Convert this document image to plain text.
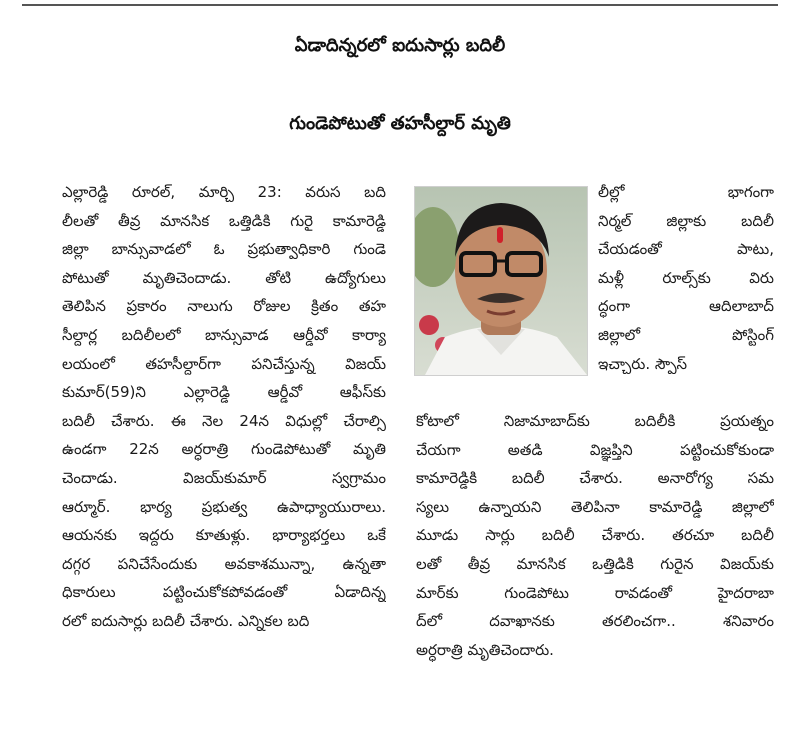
ఏడాదిన్నరలో ఐదుసార్లు బదిలీ
గుండెపోటుతో తహసీల్దార్ మృతి
ఎల్లారెడ్డి రూరల్, మార్చి 23: వరుస బది
లీలతో తీవ్ర మానసిక ఒత్తిడికి గురై కామారెడ్డి
జిల్లా బాన్సువాడలో ఓ ప్రభుత్వాధికారి గుండె
పోటుతో మృతిచెందాడు. తోటి ఉద్యోగులు
తెలిపిన ప్రకారం నాలుగు రోజుల క్రితం తహ
సీల్దార్ల బదిలీలలో బాన్సువాడ ఆర్డీవో కార్యా
లయంలో తహసీల్దార్‌గా పనిచేస్తున్న విజయ్
కుమార్(59)ని ఎల్లారెడ్డి ఆర్డీవో ఆఫీస్‌కు
బదిలీ చేశారు. ఈ నెల 24న విధుల్లో చేరాల్సి
ఉండగా 22న అర్ధరాత్రి గుండెపోటుతో మృతి
చెందాడు. విజయ్‌కుమార్ స్వగ్రామం
ఆర్మూర్. భార్య ప్రభుత్వ ఉపాధ్యాయురాలు.
ఆయనకు ఇద్దరు కూతుళ్లు. భార్యాభర్తలు ఒకే
దగ్గర పనిచేసేందుకు అవకాశమున్నా, ఉన్నతా
ధికారులు పట్టించుకోకపోవడంతో ఏడాదిన్న
రలో ఐదుసార్లు బదిలీ చేశారు. ఎన్నికల బది
లీల్లో భాగంగా
నిర్మల్ జిల్లాకు బదిలీ
చేయడంతో పాటు,
మళ్లీ రూల్స్‌కు విరు
ద్ధంగా ఆదిలాబాద్
జిల్లాలో పోస్టింగ్
ఇచ్చారు. స్పౌస్
కోటాలో నిజామాబాద్‌కు బదిలీకి ప్రయత్నం
చేయగా అతడి విజ్ఞప్తిని పట్టించుకోకుండా
కామారెడ్డికి బదిలీ చేశారు. అనారోగ్య సమ
స్యలు ఉన్నాయని తెలిపినా కామారెడ్డి జిల్లాలో
మూడు సార్లు బదిలీ చేశారు. తరచూ బదిలీ
లతో తీవ్ర మానసిక ఒత్తిడికి గురైన విజయ్‌కు
మార్‌కు గుండెపోటు రావడంతో హైదరాబా
ద్‌లో దవాఖానకు తరలించగా.. శనివారం
అర్ధరాత్రి మృతిచెందారు.
